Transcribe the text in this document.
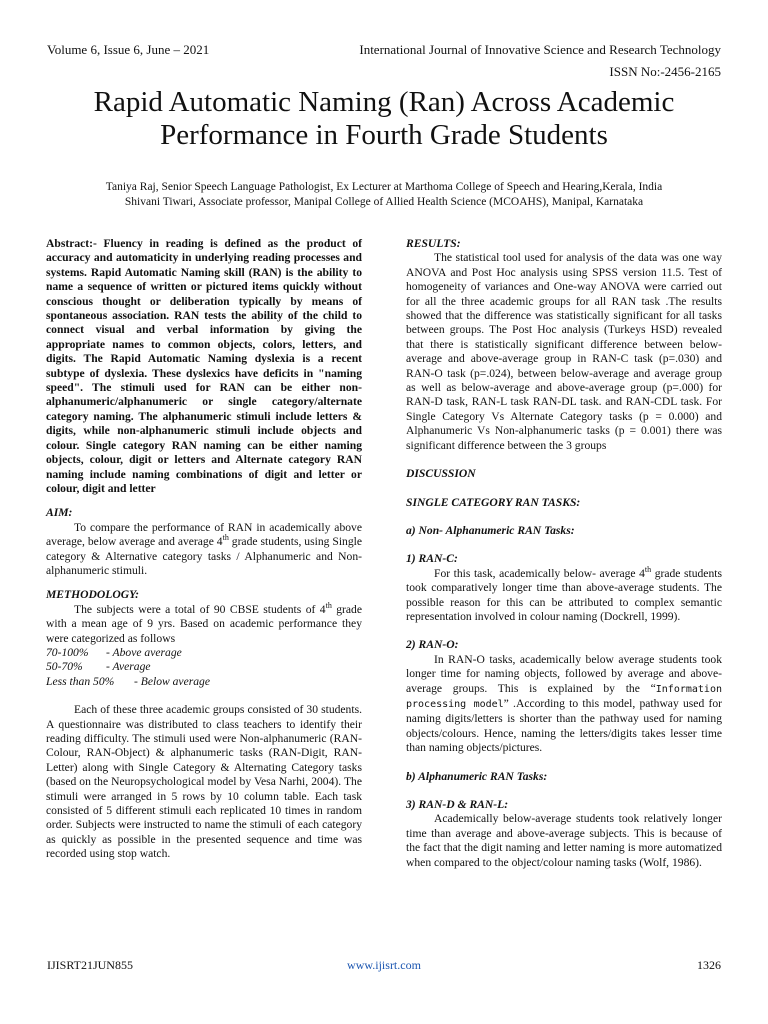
Volume 6, Issue 6, June – 2021	International Journal of Innovative Science and Research Technology
ISSN No:-2456-2165
Rapid Automatic Naming (Ran) Across Academic Performance in Fourth Grade Students
Taniya Raj, Senior Speech Language Pathologist, Ex Lecturer at Marthoma College of Speech and Hearing,Kerala, India
Shivani Tiwari, Associate professor, Manipal College of Allied Health Science (MCOAHS), Manipal, Karnataka

Abstract:- Fluency in reading is defined as the product of accuracy and automaticity in underlying reading processes and systems. Rapid Automatic Naming skill (RAN) is the ability to name a sequence of written or pictured items quickly without conscious thought or deliberation typically by means of spontaneous association. RAN tests the ability of the child to connect visual and verbal information by giving the appropriate names to common objects, colors, letters, and digits. The Rapid Automatic Naming dyslexia is a recent subtype of dyslexia. These dyslexics have deficits in "naming speed". The stimuli used for RAN can be either non-alphanumeric/alphanumeric or single category/alternate category naming. The alphanumeric stimuli include letters & digits, while non-alphanumeric stimuli include objects and colour. Single category RAN naming can be either naming objects, colour, digit or letters and Alternate category RAN naming include naming combinations of digit and letter or colour, digit and letter

AIM:

To compare the performance of RAN in academically above average, below average and average 4th grade students, using Single category & Alternative category tasks / Alphanumeric and Non-alphanumeric stimuli.

METHODOLOGY:

The subjects were a total of 90 CBSE students of 4th grade with a mean age of 9 yrs. Based on academic performance they were categorized as follows

70-100%	- Above average
50-70%	- Average
Less than 50%	- Below average

Each of these three academic groups consisted of 30 students. A questionnaire was distributed to class teachers to identify their reading difficulty. The stimuli used were Non-alphanumeric (RAN-Colour, RAN-Object) & alphanumeric tasks (RAN-Digit, RAN-Letter) along with Single Category & Alternating Category tasks (based on the Neuropsychological model by Vesa Narhi, 2004). The stimuli were arranged in 5 rows by 10 column table. Each task consisted of 5 different stimuli each replicated 10 times in random order. Subjects were instructed to name the stimuli of each category as quickly as possible in the presented sequence and time was recorded using stop watch.

RESULTS:

The statistical tool used for analysis of the data was one way ANOVA and Post Hoc analysis using SPSS version 11.5. Test of homogeneity of variances and One-way ANOVA were carried out for all the three academic groups for all RAN task .The results showed that the difference was statistically significant for all tasks between groups. The Post Hoc analysis (Turkeys HSD) revealed that there is statistically significant difference between below-average and above-average group in RAN-C task (p=.030) and RAN-O task (p=.024), between below-average and average group as well as below-average and above-average group (p=.000) for RAN-D task, RAN-L task RAN-DL task. and RAN-CDL task. For Single Category Vs Alternate Category tasks (p = 0.000) and Alphanumeric Vs Non-alphanumeric tasks (p = 0.001) there was significant difference between the 3 groups

DISCUSSION
SINGLE CATEGORY RAN TASKS:
a) Non- Alphanumeric RAN Tasks:
1) RAN-C:

For this task, academically below- average 4th grade students took comparatively longer time than above-average students. The possible reason for this can be attributed to complex semantic representation involved in colour naming (Dockrell, 1999).

2) RAN-O:

In RAN-O tasks, academically below average students took longer time for naming objects, followed by average and above-average groups. This is explained by the “Information processing model” .According to this model, pathway used for naming digits/letters is shorter than the pathway used for naming objects/colours. Hence, naming the letters/digits takes lesser time than naming objects/pictures.

b) Alphanumeric RAN Tasks:
3) RAN-D & RAN-L:

Academically below-average students took relatively longer time than average and above-average subjects. This is because of the fact that the digit naming and letter naming is more automatized when compared to the object/colour naming tasks (Wolf, 1986).

IJISRT21JUN855	www.ijisrt.com	1326
